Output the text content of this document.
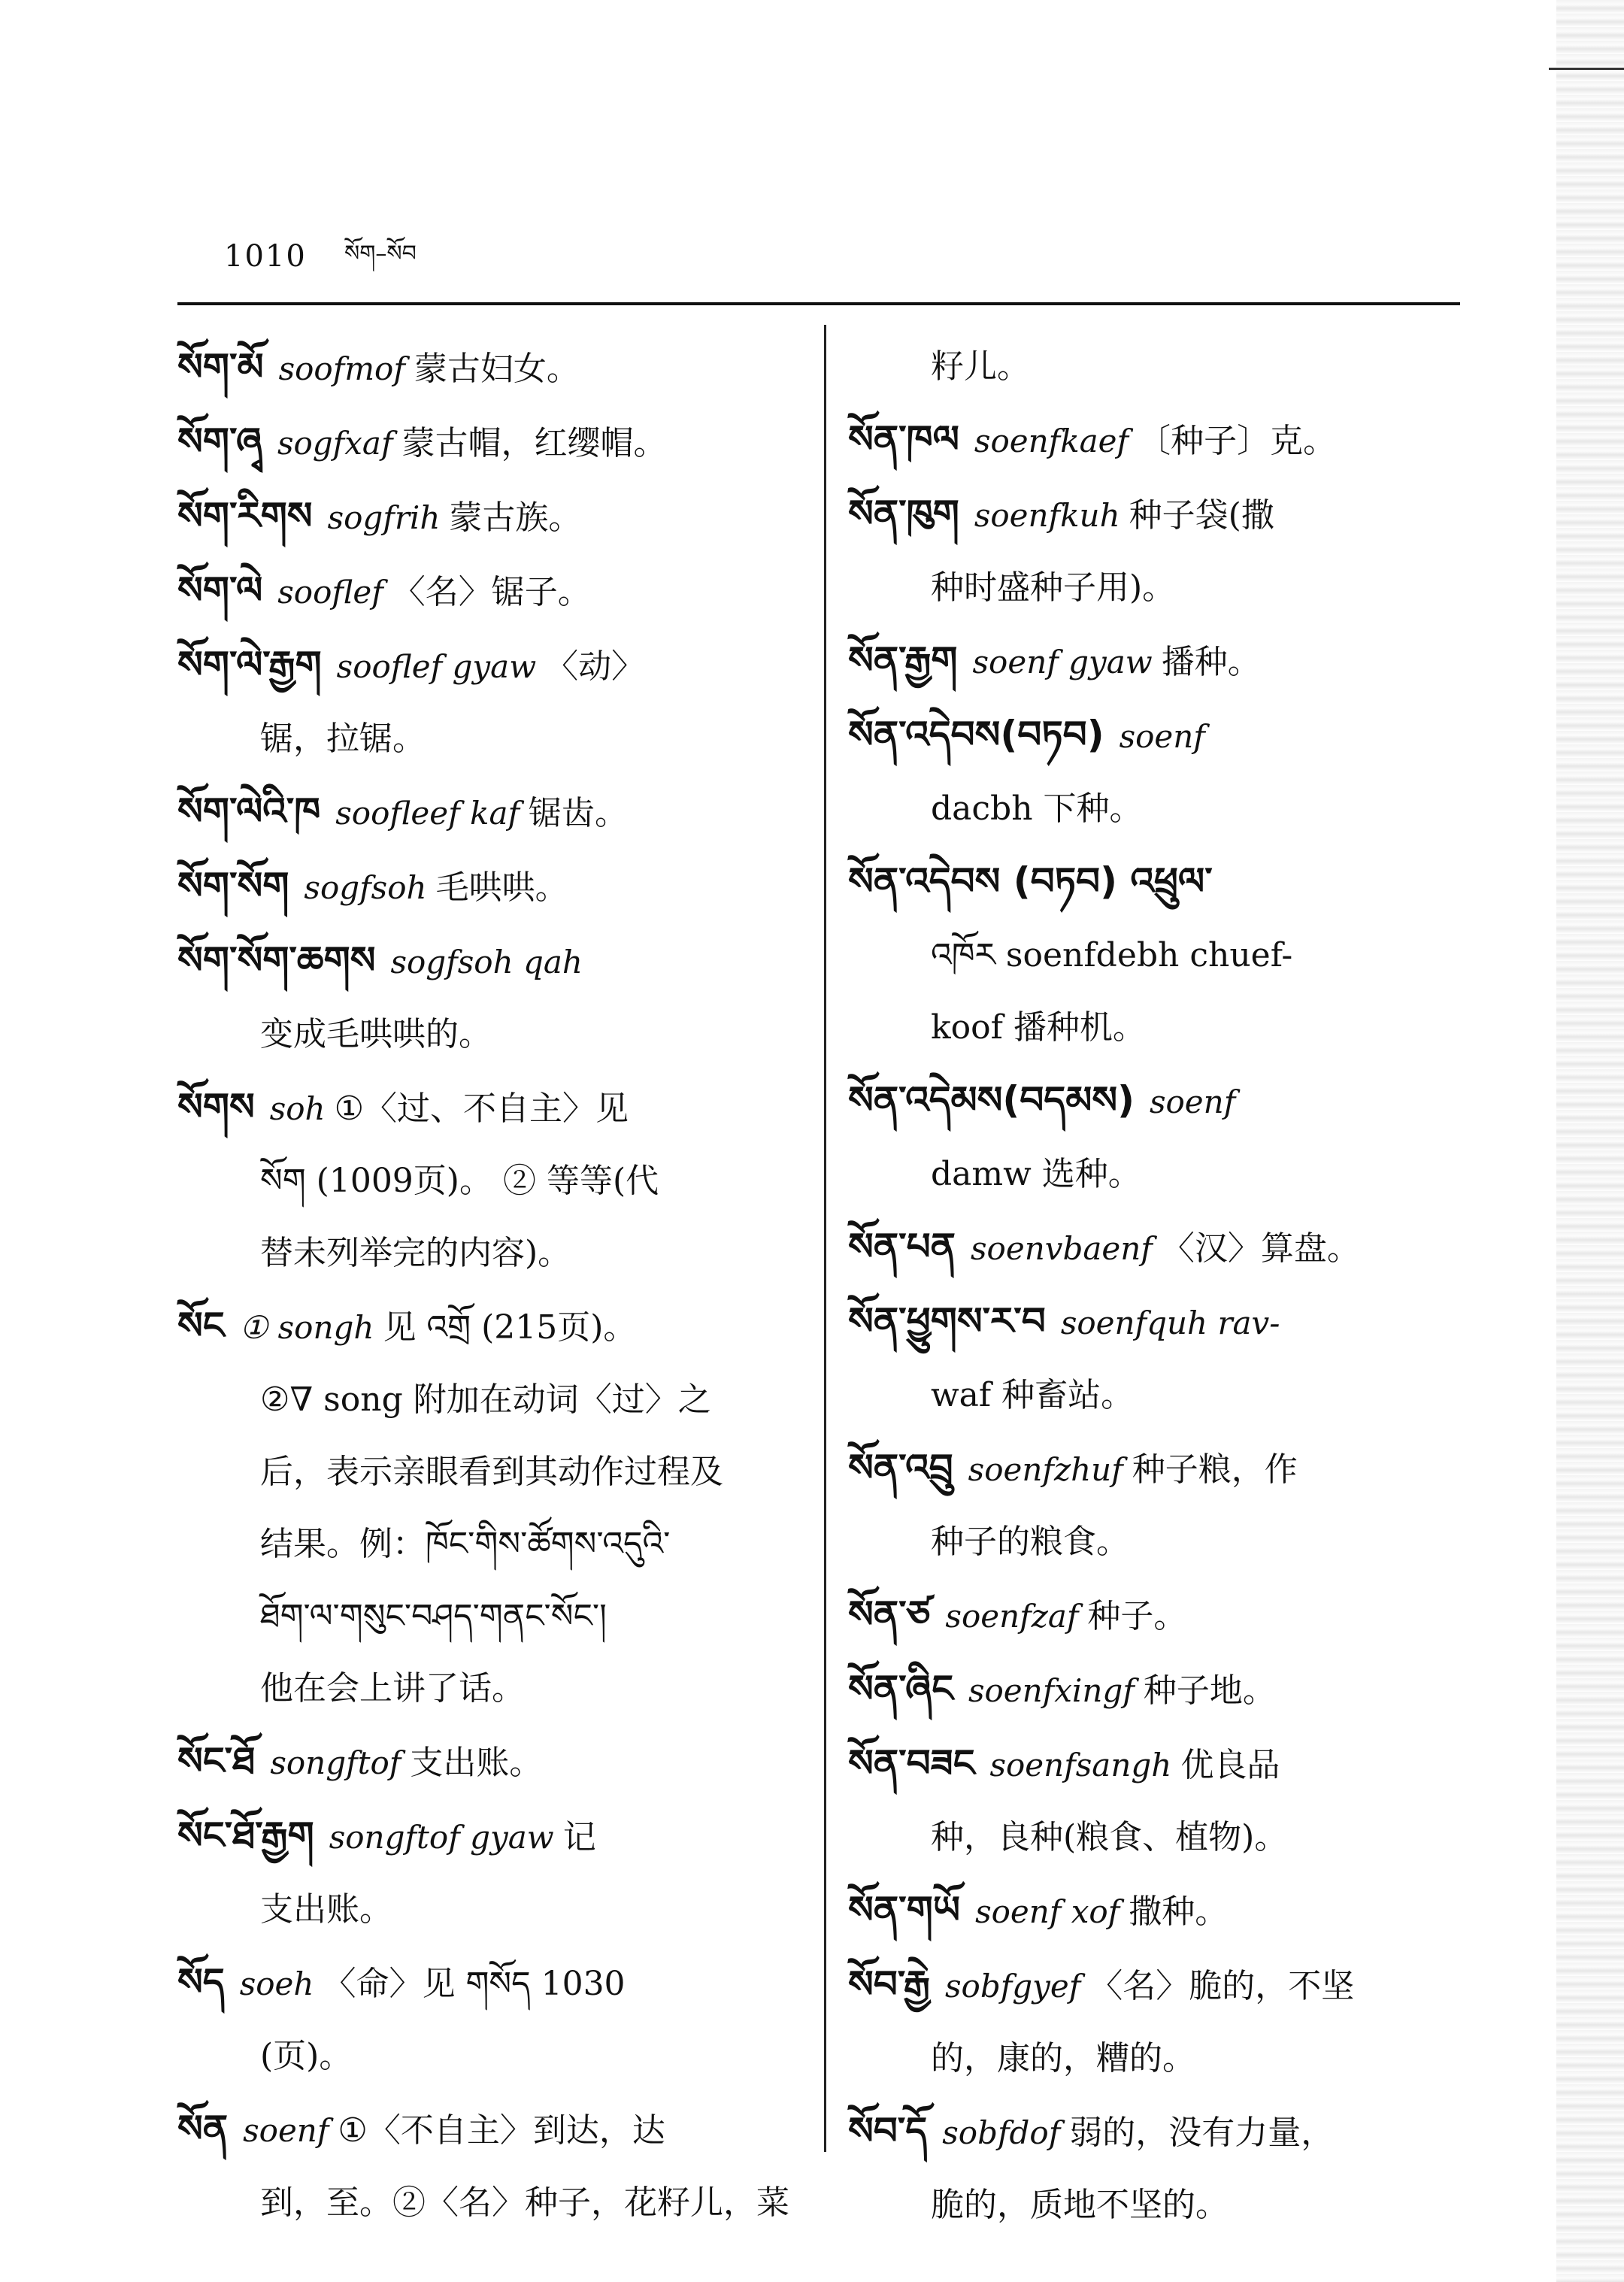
1010 སོག–སོབ
སོག་མོ soofmof 蒙古妇女。
སོག་ཞྭ sogfxaf 蒙古帽，红缨帽。
སོག་རིགས sogfrih 蒙古族。
སོག་ལེ sooflef 〈名〉锯子。
སོག་ལེ་རྒྱག sooflef gyaw 〈动〉
锯，拉锯。
སོག་ལེའི་ཁ soofleef kaf 锯齿。
སོག་སོག sogfsoh 毛哄哄。
སོག་སོག་ཆགས sogfsoh qah
变成毛哄哄的。
སོགས soh ①〈过、不自主〉见
སོག (1009页)。 ② 等等(代
替未列举完的内容)。
སོང ① songh 见 འགྲོ (215页)。
②∇ song 附加在动词〈过〉之
后，表示亲眼看到其动作过程及
结果。例：ཁོང་གིས་ཚོགས་འདུའི་
ཐོག་ལ་གསུང་བཤད་གནང་སོང་།
他在会上讲了话。
སོང་ཐོ songftof 支出账。
སོང་ཐོ་རྒྱག songftof gyaw 记
支出账。
སོད soeh 〈命〉见 གསོད 1030
(页)。
སོན soenf ①〈不自主〉到达，达
到，至。②〈名〉种子，花籽儿，菜
籽儿。
སོན་ཁལ soenfkaef 〔种子〕克。
སོན་ཁུག soenfkuh 种子袋(撒
种时盛种子用)。
སོན་རྒྱག soenf gyaw 播种。
སོན་འདེབས(བཏབ) soenf
dacbh 下种。
སོན་འདེབས (བཏབ) འཕྲུལ་
འཁོར soenfdebh chuef-
koof 播种机。
སོན་འདེམས(བདམས) soenf
damw 选种。
སོན་པན soenvbaenf 〈汉〉算盘。
སོན་ཕྱུགས་ར་བ soenfquh rav-
waf 种畜站。
སོན་འབྲུ soenfzhuf 种子粮，作
种子的粮食。
སོན་ཙ soenfzaf 种子。
སོན་ཞིང soenfxingf 种子地。
སོན་བཟང soenfsangh 优良品
种，良种(粮食、植物)。
སོན་གཡོ soenf xof 撒种。
སོབ་རྒྱེ sobfgyef 〈名〉脆的，不坚
的，康的，糟的。
སོབ་དོ sobfdof 弱的，没有力量，
脆的，质地不坚的。
